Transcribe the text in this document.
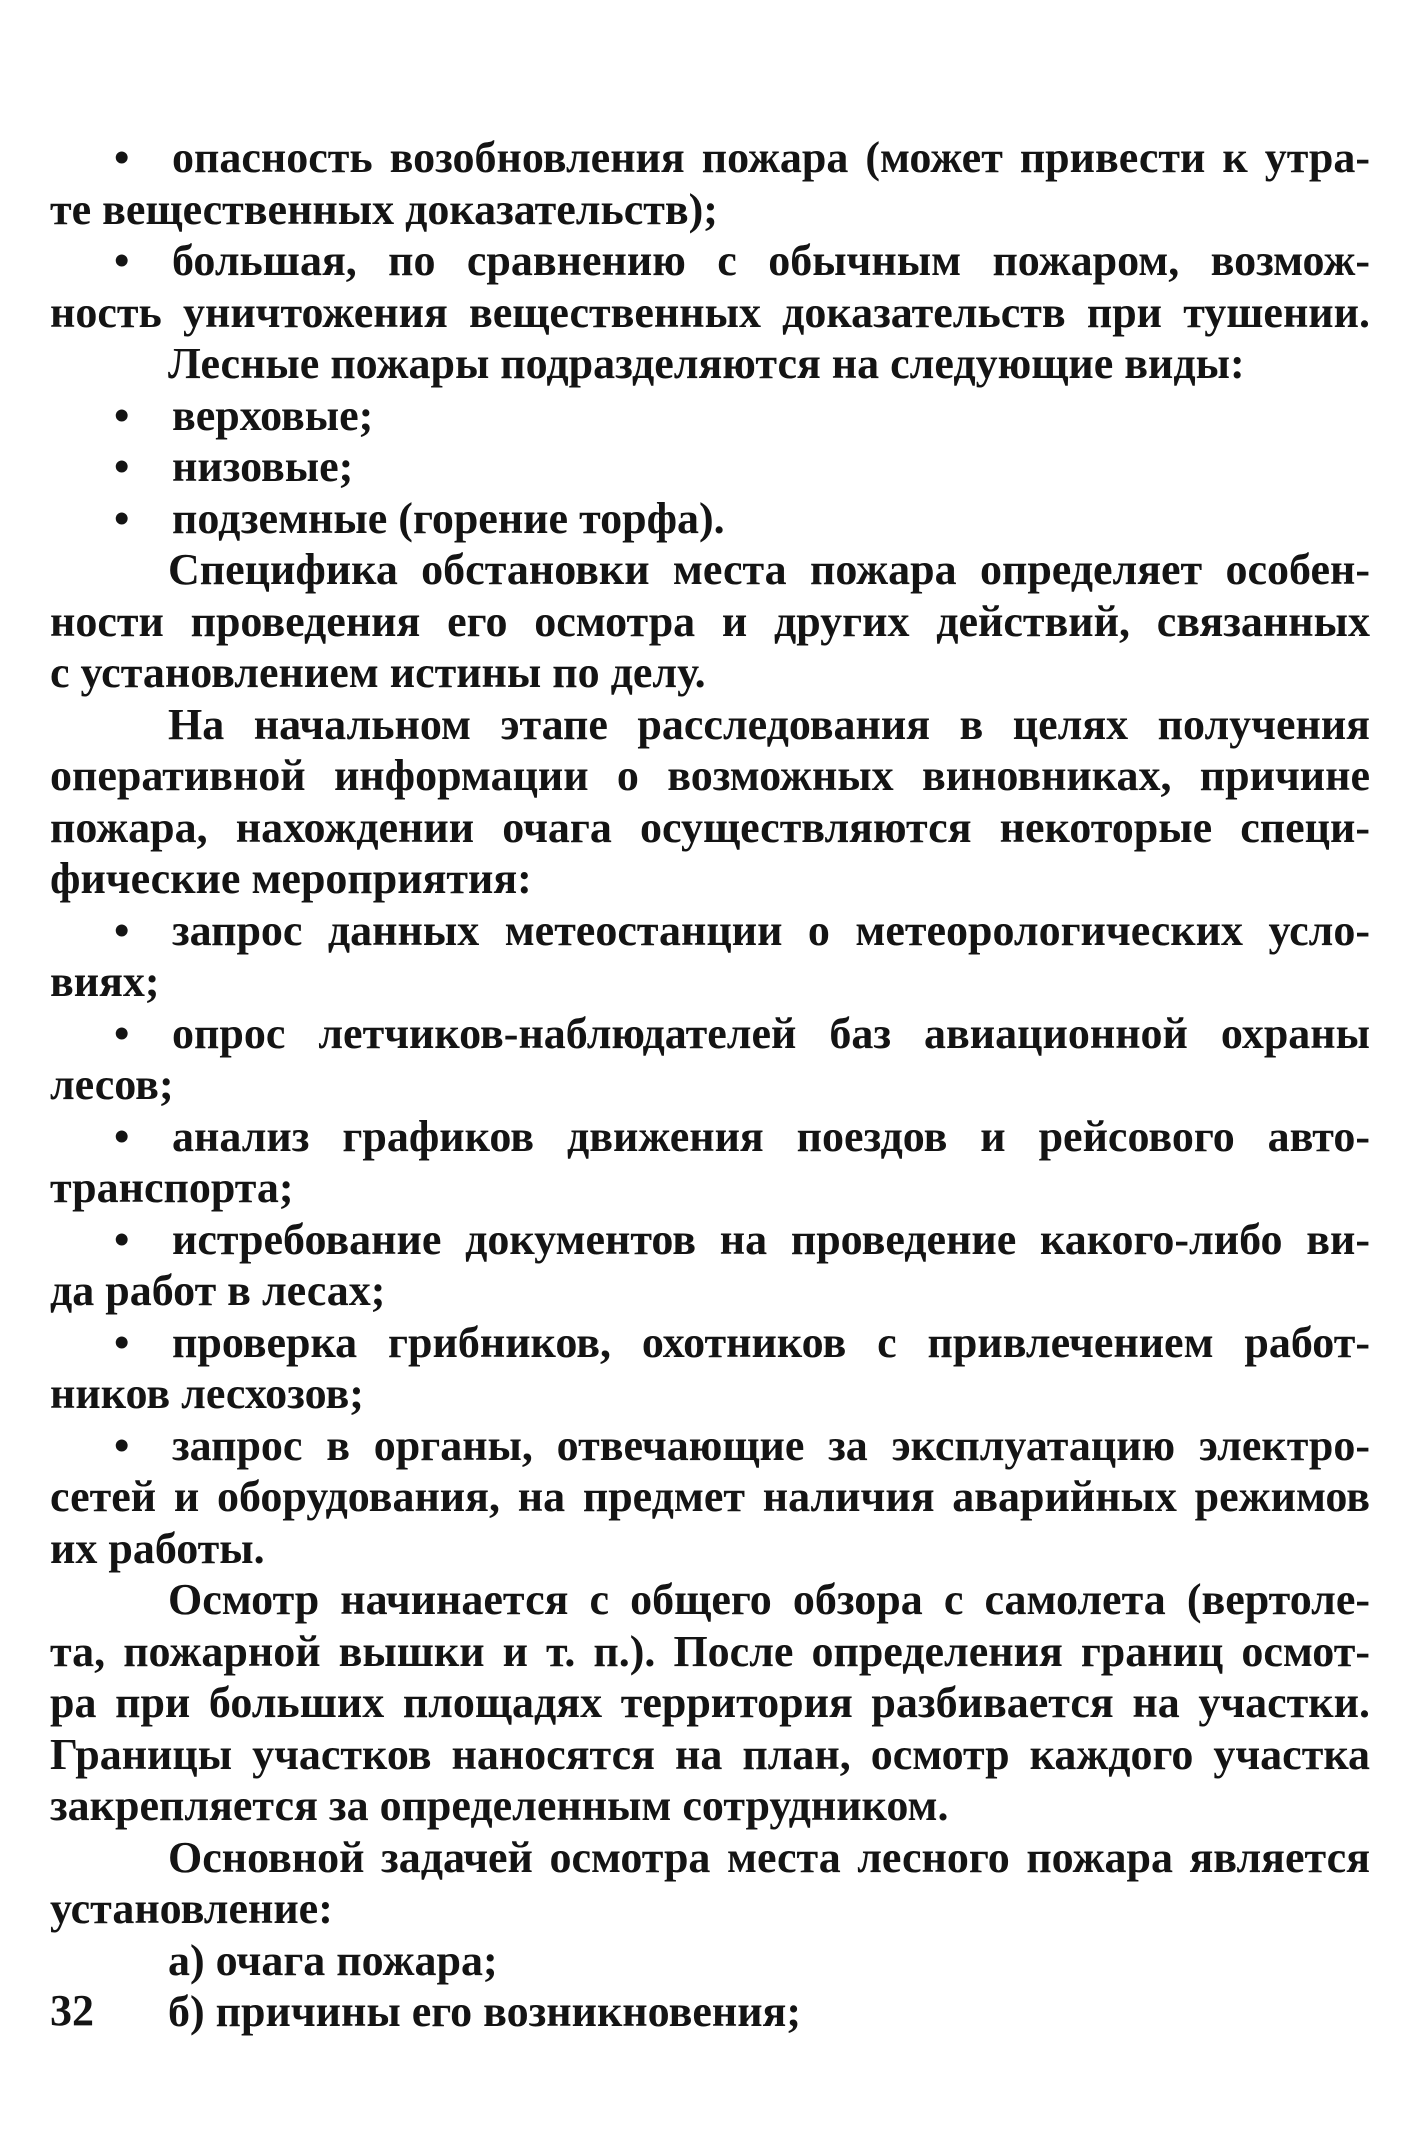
• опасность возобновления пожара (может привести к утра-
те вещественных доказательств);
• большая, по сравнению с обычным пожаром, возмож-
ность уничтожения вещественных доказательств при тушении.
Лесные пожары подразделяются на следующие виды:
• верховые;
• низовые;
• подземные (горение торфа).
Специфика обстановки места пожара определяет особен-
ности проведения его осмотра и других действий, связанных
с установлением истины по делу.
На начальном этапе расследования в целях получения
оперативной информации о возможных виновниках, причине
пожара, нахождении очага осуществляются некоторые специ-
фические мероприятия:
• запрос данных метеостанции о метеорологических усло-
виях;
• опрос летчиков-наблюдателей баз авиационной охраны
лесов;
• анализ графиков движения поездов и рейсового авто-
транспорта;
• истребование документов на проведение какого-либо ви-
да работ в лесах;
• проверка грибников, охотников с привлечением работ-
ников лесхозов;
• запрос в органы, отвечающие за эксплуатацию электро-
сетей и оборудования, на предмет наличия аварийных режимов
их работы.
Осмотр начинается с общего обзора с самолета (вертоле-
та, пожарной вышки и т. п.). После определения границ осмот-
ра при больших площадях территория разбивается на участки.
Границы участков наносятся на план, осмотр каждого участка
закрепляется за определенным сотрудником.
Основной задачей осмотра места лесного пожара является
установление:
а) очага пожара;
б) причины его возникновения;
32
